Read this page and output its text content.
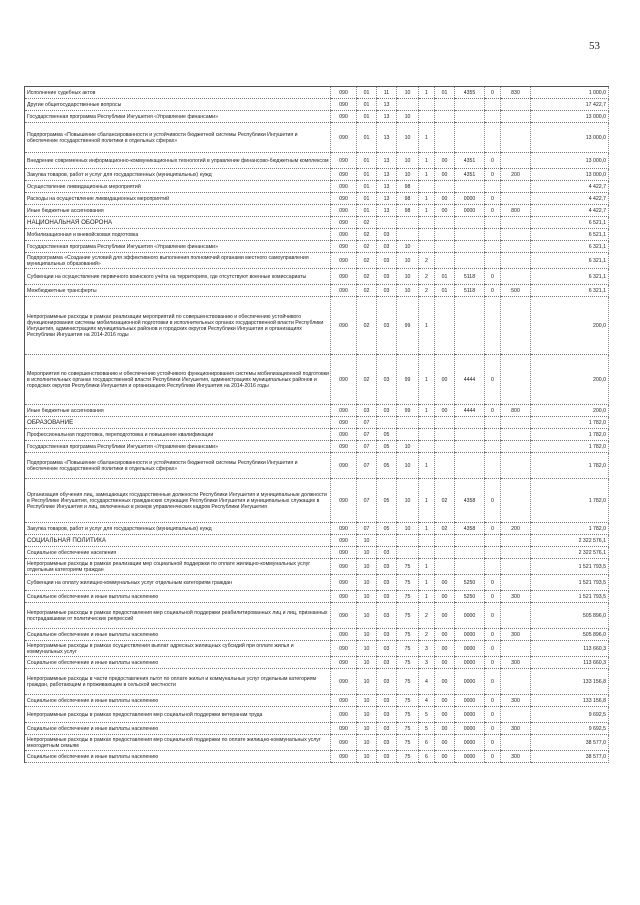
53
Исполнение судебных актов	090	01	11	10	1	01	4355	0	830	1 000,0
Другие общегосударственные вопросы	090	01	13							17 422,7
Государственная программа Республики Ингушетия «Управление финансами»	090	01	13	10						13 000,0
Подпрограмма «Повышение сбалансированности и устойчивости бюджетной системы Республики Ингушетия и обеспечение государственной политики в отдельных сферах»	090	01	13	10	1					13 000,0
Внедрение современных информационно-коммуникационных технологий в управление финансово-бюджетным комплексом	090	01	13	10	1	00	4351	0		13 000,0
Закупка товаров, работ и услуг для государственных (муниципальных) нужд	090	01	13	10	1	00	4351	0	200	13 000,0
Осуществление ликвидационных мероприятий	090	01	13	98						4 422,7
Расходы на осуществление ликвидационных мероприятий	090	01	13	98	1	00	0000	0		4 422,7
Иные бюджетные ассигнования	090	01	13	98	1	00	0000	0	800	4 422,7
НАЦИОНАЛЬНАЯ ОБОРОНА	090	02								6 521,1
Мобилизационная и вневойсковая подготовка	090	02	03							6 521,1
Государственная программа Республики Ингушетия «Управление финансами»	090	02	03	10						6 321,1
Подпрограмма «Создание условий для эффективного выполнения полномочий органами местного самоуправления муниципальных образований»	090	02	03	10	2					6 321,1
Субвенции на осуществление первичного воинского учёта на территориях, где отсутствуют военные комиссариаты	090	02	03	10	2	01	5118	0		6 321,1
Межбюджетные трансферты	090	02	03	10	2	01	5118	0	500	6 321,1
Непрограммные расходы в рамках реализации мероприятий по совершенствованию и обеспечению устойчивого функционирования системы мобилизационной подготовки в исполнительных органах государственной власти Республики Ингушетия, администрациях муниципальных районов и городских округов Республики Ингушетия и организациях Республики Ингушетия на 2014-2016 годы	090	02	03	99	1					200,0
Мероприятия по совершенствованию и обеспечению устойчивого функционирования системы мобилизационной подготовки в исполнительных органах государственной власти Республики Ингушетия, администрациях муниципальных районов и городских округов Республики Ингушетия и организациях Республики Ингушетия на 2014-2016 годы	090	02	03	99	1	00	4444	0		200,0
Иные бюджетные ассигнования	090	03	03	99	1	00	4444	0	800	200,0
ОБРАЗОВАНИЕ	090	07								1 782,0
Профессиональная подготовка, переподготовка и повышение квалификации	090	07	05							1 782,0
Государственная программа Республики Ингушетия «Управление финансами»	090	07	05	10						1 782,0
Подпрограмма «Повышение сбалансированности и устойчивости бюджетной системы Республики Ингушетия и обеспечение государственной политики в отдельных сферах»	090	07	05	10	1					1 782,0
Организация обучения лиц, замещающих государственные должности Республики Ингушетия и муниципальные должности в Республике Ингушетия, государственных гражданских служащих Республики Ингушетия и муниципальных служащих в Республике Ингушетия и лиц, включенных в резерв управленческих кадров Республики Ингушетия	090	07	05	10	1	02	4358	0		1 782,0
Закупка товаров, работ и услуг для государственных (муниципальных) нужд	090	07	05	10	1	02	4358	0	200	1 782,0
СОЦИАЛЬНАЯ ПОЛИТИКА	090	10								2 322 576,1
Социальное обеспечение населения	090	10	03							2 322 576,1
Непрограммные расходы в рамках реализации мер социальной поддержки по оплате жилищно-коммунальных услуг отдельным категориям граждан	090	10	03	75	1					1 521 793,5
Субвенции на оплату жилищно-коммунальных услуг отдельным категориям граждан	090	10	03	75	1	00	5250	0		1 521 793,5
Социальное обеспечение и иные выплаты населению	090	10	03	75	1	00	5250	0	300	1 521 793,5
Непрограммные расходы в рамках предоставления мер социальной поддержки реабилитированных лиц и лиц, признанных пострадавшими от политических репрессий	090	10	03	75	2	00	0000	0		505 896,0
Социальное обеспечение и иные выплаты населению	090	10	03	75	2	00	0000	0	300	505 896,0
Непрограммные расходы в рамках осуществления выплат адресных жилищных субсидий при оплате жилья и коммунальных услуг	090	10	03	75	3	00	0000	0		113 660,3
Социальное обеспечение и иные выплаты населению	090	10	03	75	3	00	0000	0	300	113 660,3
Непрограммные расходы в части предоставления льгот по оплате жилья и коммунальных услуг отдельным категориям граждан, работающим и проживающим в сельской местности	090	10	03	75	4	00	0000	0		133 156,8
Социальное обеспечение и иные выплаты населению	090	10	03	75	4	00	0000	0	300	133 156,8
Непрограммные расходы в рамках предоставления мер социальной поддержки ветеранам труда	090	10	03	75	5	00	0000	0		9 692,5
Социальное обеспечение и иные выплаты населению	090	10	03	75	5	00	0000	0	300	9 692,5
Непрограммные расходы в рамках предоставления мер социальной поддержки по оплате жилищно-коммунальных услуг многодетным семьям	090	10	03	75	6	00	0000	0		38 577,0
Социальное обеспечение и иные выплаты населению	090	10	03	75	6	00	0000	0	300	38 577,0
